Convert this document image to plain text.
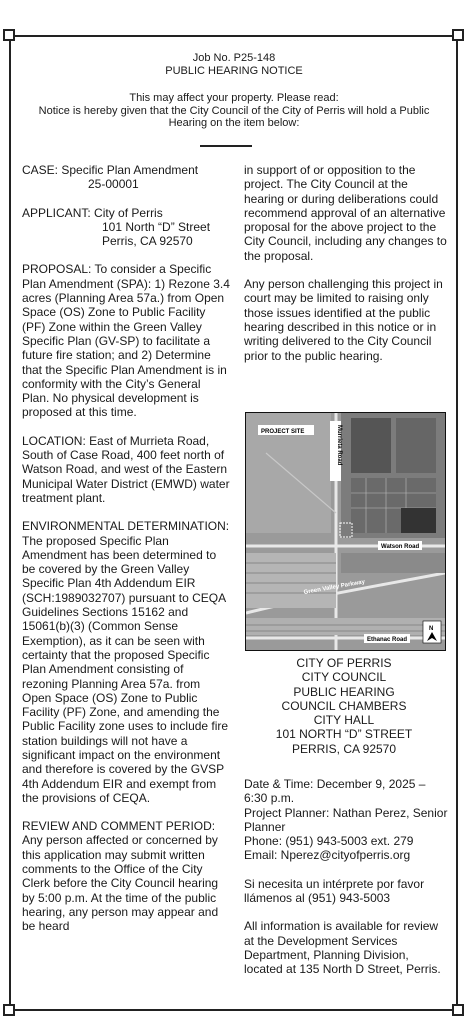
Job No. P25-148
PUBLIC HEARING NOTICE
This may affect your property. Please read:
Notice is hereby given that the City Council of the City of Perris will hold a Public Hearing on the item below:

CASE: Specific Plan Amendment
25-00001

APPLICANT: City of Perris
101 North “D” Street
Perris, CA 92570

PROPOSAL: To consider a Specific Plan Amendment (SPA): 1) Rezone 3.4 acres (Planning Area 57a.) from Open Space (OS) Zone to Public Facility (PF) Zone within the Green Valley Specific Plan (GV-SP) to facilitate a future fire station; and 2) Determine that the Specific Plan Amendment is in conformity with the City’s General Plan. No physical development is proposed at this time.

LOCATION: East of Murrieta Road, South of Case Road, 400 feet north of Watson Road, and west of the Eastern Municipal Water District (EMWD) water treatment plant.

ENVIRONMENTAL DETERMINATION: The proposed Specific Plan Amendment has been determined to be covered by the Green Valley Specific Plan 4th Addendum EIR (SCH:1989032707) pursuant to CEQA Guidelines Sections 15162 and 15061(b)(3) (Common Sense Exemption), as it can be seen with certainty that the proposed Specific Plan Amendment consisting of rezoning Planning Area 57a. from Open Space (OS) Zone to Public Facility (PF) Zone, and amending the Public Facility zone uses to include fire station buildings will not have a significant impact on the environment and therefore is covered by the GVSP 4th Addendum EIR and exempt from the provisions of CEQA.

REVIEW AND COMMENT PERIOD: Any person affected or concerned by this application may submit written comments to the Office of the City Clerk before the City Council hearing by 5:00 p.m. At the time of the public hearing, any person may appear and be heard

in support of or opposition to the project. The City Council at the hearing or during deliberations could recommend approval of an alternative proposal for the above project to the City Council, including any changes to the proposal.

Any person challenging this project in court may be limited to raising only those issues identified at the public hearing described in this notice or in writing delivered to the City Council prior to the public hearing.

PROJECT SITE	Murrieta Road
Watson Road
Green Valley Parkway
Ethanac Road
N
CITY OF PERRIS
CITY COUNCIL
PUBLIC HEARING
COUNCIL CHAMBERS
CITY HALL
101 NORTH “D” STREET
PERRIS, CA 92570

Date & Time: December 9, 2025 – 6:30 p.m.
Project Planner: Nathan Perez, Senior Planner
Phone: (951) 943-5003 ext. 279
Email: Nperez@cityofperris.org

Si necesita un intérprete por favor llámenos al (951) 943-5003

All information is available for review at the Development Services Department, Planning Division, located at 135 North D Street, Perris.
